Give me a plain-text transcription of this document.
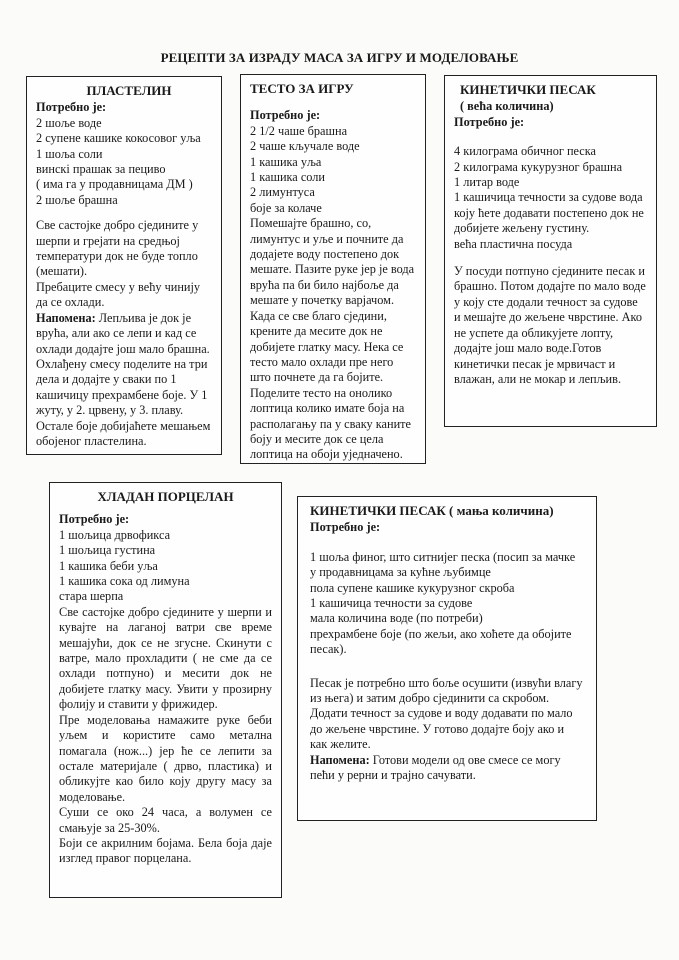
РЕЦЕПТИ ЗА ИЗРАДУ МАСА ЗА ИГРУ И МОДЕЛОВАЊЕ
ПЛАСТЕЛИН

Потребно је:

2 шоље воде

2 супене кашике кокосовог уља

1 шоља соли

винскi прашак за пециво

( има га у продавницама ДМ )

2 шоље брашна

Све састојке добро сједините у шерпи и грејати на средњој температури док не буде топло (мешати).

Пребаците смесу у већу чинију да се охлади.

Напомена: Лепљива је док је врућа, али ако се лепи и кад се охлади додајте још мало брашна. Охлађену смесу поделите на три дела и додајте у сваки по 1 кашичицу прехрамбене боје. У 1 жуту, у 2. црвену, у 3. плаву. Остале боје добијаћете мешањем обојеног пластелина.

ТЕСТО ЗА ИГРУ

Потребно је:

2 1/2 чаше брашна

2 чаше кључале воде

1 кашика уља

1 кашика соли

2 лимунтуса

боје за колаче

Помешајте брашно, со, лимунтус и уље и почните да додајете воду постепено док мешате. Пазите руке јер је вода врућа па би било најбоље да мешате у почетку варјачом. Када се све благо сједини, кренитe да месите док не добијете глатку масу. Нека се тесто мало охлади пре него што почнете да га бојите. Поделите тесто на онолико лоптица колико имате боја на располагању па у сваку каните боју и месите док се цела лоптица на обоји уједначено.

КИНЕТИЧКИ ПЕСАК

( већа количина)

Потребно је:

4 килограма обичног песка

2 килограма кукурузног брашна

1 литар воде

1 кашичица течности за судове вода коју ћете додавати постепено док не добијете жељену густину.

већа пластична посуда

У посуди потпуно сједините песак и брашно. Потом додајте по мало воде у коју сте додали течност за судове и мешајте до жељене чврстине. Ако не успете да обликујете лопту, додајте још мало воде.Готов кинетички песак је мрвичаст и влажан, али не мокар и лепљив.

ХЛАДАН ПОРЦЕЛАН

Потребно је:

1 шољица дрвофикса

1 шољица густина

1 кашика беби уља

1 кашика сока од лимуна

стара шерпа

Све састојке добро сједините у шерпи и кувајте на лаганој ватри све време мешајући, док се не згусне. Скинути с ватре, мало прохладити ( не сме да се охлади потпуно) и месити док не добијете глатку масу. Увити у прозирну фолију и ставити у фрижидер.

Пре моделовања намажите руке беби уљем и користите само метална помагала (нож...) јер ће се лепити за остале материјале ( дрво, пластика) и обликујте као било коју другу масу за моделовање.

Суши се око 24 часа, а волумен се смањује за 25-30%.

Боји се акрилним бојама. Бела боја даје изглед правог порцелана.

КИНЕТИЧКИ ПЕСАК ( мања количина)

Потребно је:

1 шоља финог, што ситнијег песка (посип за мачке у продавницама за кућне љубимце

пола супене кашике кукурузног скроба

1 кашичица течности за судове

мала количина воде (по потреби)

прехрамбене боје (по жељи, ако хоћете да обојите песак).

Песак је потребно што боље осушити (извући влагу из њега) и затим добро сјединити са скробом. Додати течност за судове и воду додавати по мало до жељене чврстине. У готово додајте боју ако и как желите.

Напомена: Готови модели од ове смесе се могу пећи у рерни и трајно сачувати.
